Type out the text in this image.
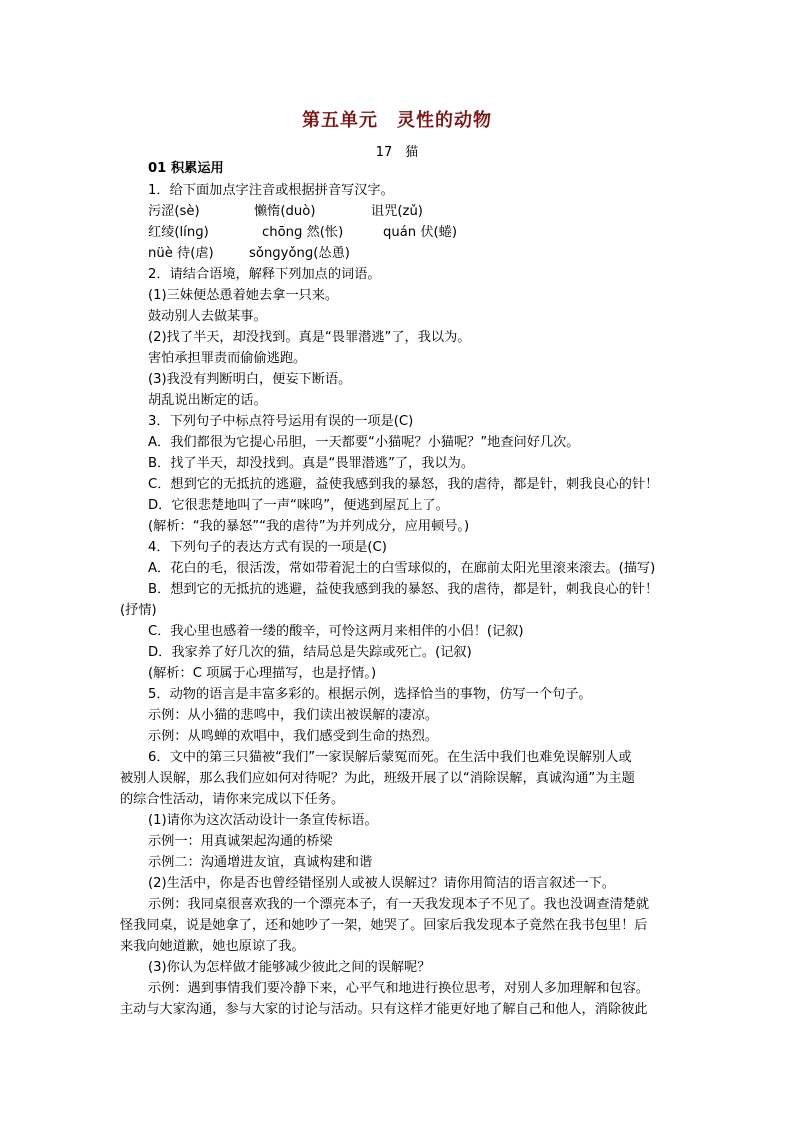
第五单元　灵性的动物
17　猫
01 积累运用
1．给下面加点字注音或根据拼音写汉字。
污涩(sè)	懒惰(duò)	诅咒(zǔ)
红绫(línɡ)	chōnɡ 然(怅)	quán 伏(蜷)
nüè 待(虐)	sǒnɡyǒnɡ(怂恿)
2．请结合语境，解释下列加点的词语。
(1)三妹便怂恿着她去拿一只来。
鼓动别人去做某事。
(2)找了半天，却没找到。真是“畏罪潜逃”了，我以为。
害怕承担罪责而偷偷逃跑。
(3)我没有判断明白，便妄下断语。
胡乱说出断定的话。
3．下列句子中标点符号运用有误的一项是(C)
A．我们都很为它提心吊胆，一天都要“小猫呢？小猫呢？”地查问好几次。
B．找了半天，却没找到。真是“畏罪潜逃”了，我以为。
C．想到它的无抵抗的逃避，益使我感到我的暴怒，我的虐待，都是针，刺我良心的针！
D．它很悲楚地叫了一声“咪呜”，便逃到屋瓦上了。
(解析：“我的暴怒”“我的虐待”为并列成分，应用顿号。)
4．下列句子的表达方式有误的一项是(C)
A．花白的毛，很活泼，常如带着泥土的白雪球似的，在廊前太阳光里滚来滚去。(描写)
B．想到它的无抵抗的逃避，益使我感到我的暴怒、我的虐待，都是针，刺我良心的针！
(抒情)
C．我心里也感着一缕的酸辛，可怜这两月来相伴的小侣！(记叙)
D．我家养了好几次的猫，结局总是失踪或死亡。(记叙)
(解析：C 项属于心理描写，也是抒情。)
5．动物的语言是丰富多彩的。根据示例，选择恰当的事物，仿写一个句子。
示例：从小猫的悲鸣中，我们读出被误解的凄凉。
示例：从鸣蝉的欢唱中，我们感受到生命的热烈。
6．文中的第三只猫被“我们”一家误解后蒙冤而死。在生活中我们也难免误解别人或
被别人误解，那么我们应如何对待呢？为此，班级开展了以“消除误解，真诚沟通”为主题
的综合性活动，请你来完成以下任务。
(1)请你为这次活动设计一条宣传标语。
示例一：用真诚架起沟通的桥梁
示例二：沟通增进友谊，真诚构建和谐
(2)生活中，你是否也曾经错怪别人或被人误解过？请你用简洁的语言叙述一下。
示例：我同桌很喜欢我的一个漂亮本子，有一天我发现本子不见了。我也没调查清楚就
怪我同桌，说是她拿了，还和她吵了一架，她哭了。回家后我发现本子竟然在我书包里！后
来我向她道歉，她也原谅了我。
(3)你认为怎样做才能够减少彼此之间的误解呢？
示例：遇到事情我们要冷静下来，心平气和地进行换位思考，对别人多加理解和包容。
主动与大家沟通，参与大家的讨论与活动。只有这样才能更好地了解自己和他人，消除彼此
